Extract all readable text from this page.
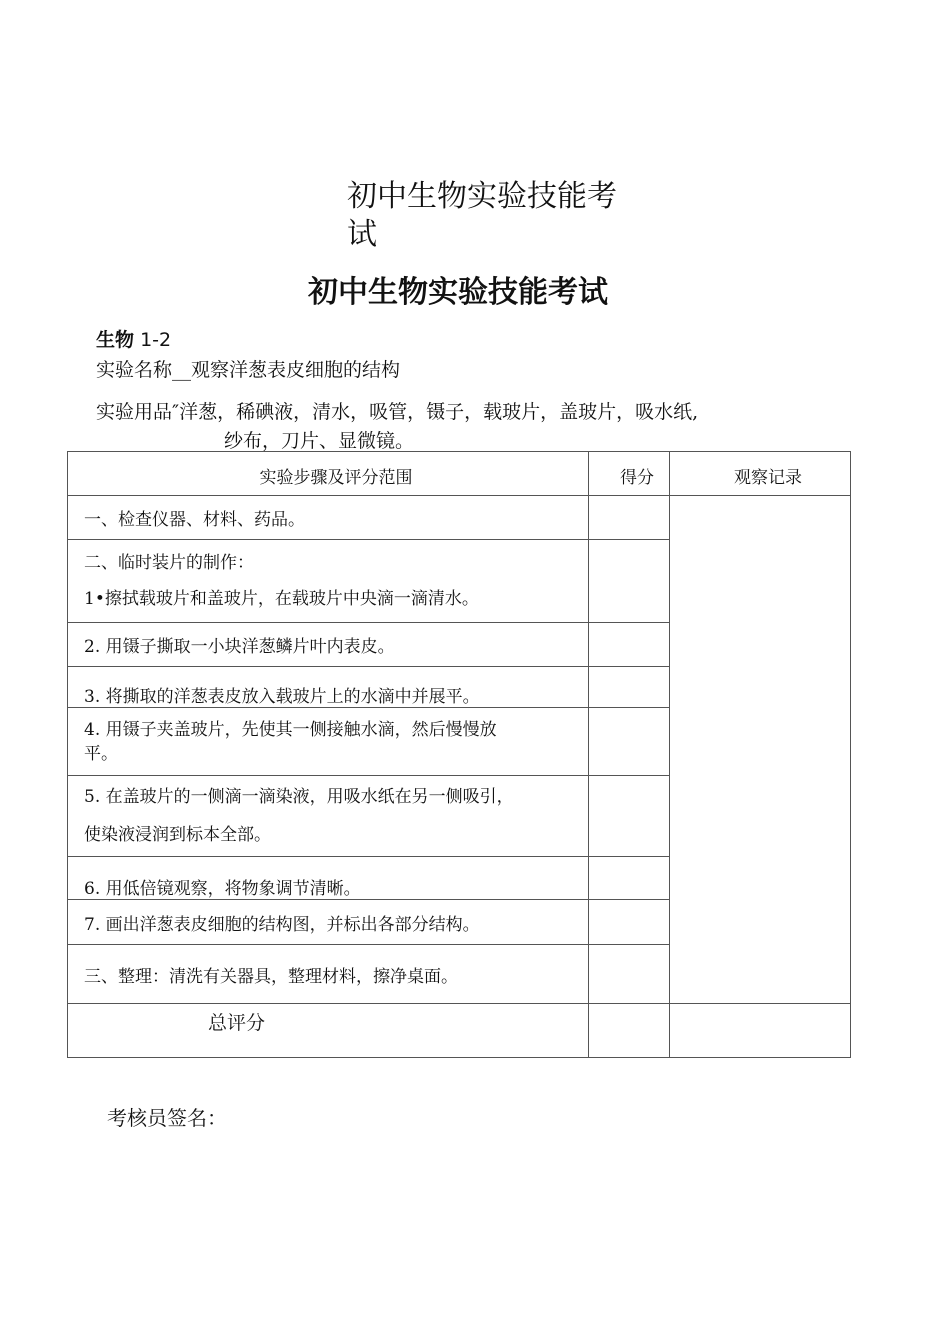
初中生物实验技能考
试
初中生物实验技能考试
生物 1-2
实验名称__观察洋葱表皮细胞的结构
实验用品″洋葱，稀碘液，清水，吸管，镊子，载玻片，盖玻片，吸水纸,
纱布，刀片、显微镜。
实验步骤及评分范围	得分	观察记录
一、检查仪器、材料、药品。		

二、临时装片的制作：
1•擦拭载玻片和盖玻片，在载玻片中央滴一滴清水。		

2. 用镊子撕取一小块洋葱鳞片叶内表皮。		
3. 将撕取的洋葱表皮放入载玻片上的水滴中并展平。		

4. 用镊子夹盖玻片，先使其一侧接触水滴，然后慢慢放
平。		

5. 在盖玻片的一侧滴一滴染液，用吸水纸在另一侧吸引，
使染液浸润到标本全部。		

6. 用低倍镜观察，将物象调节清晰。		
7. 画出洋葱表皮细胞的结构图，并标出各部分结构。		
三、整理：清洗有关器具，整理材料，擦净桌面。		
总评分		
考核员签名：
